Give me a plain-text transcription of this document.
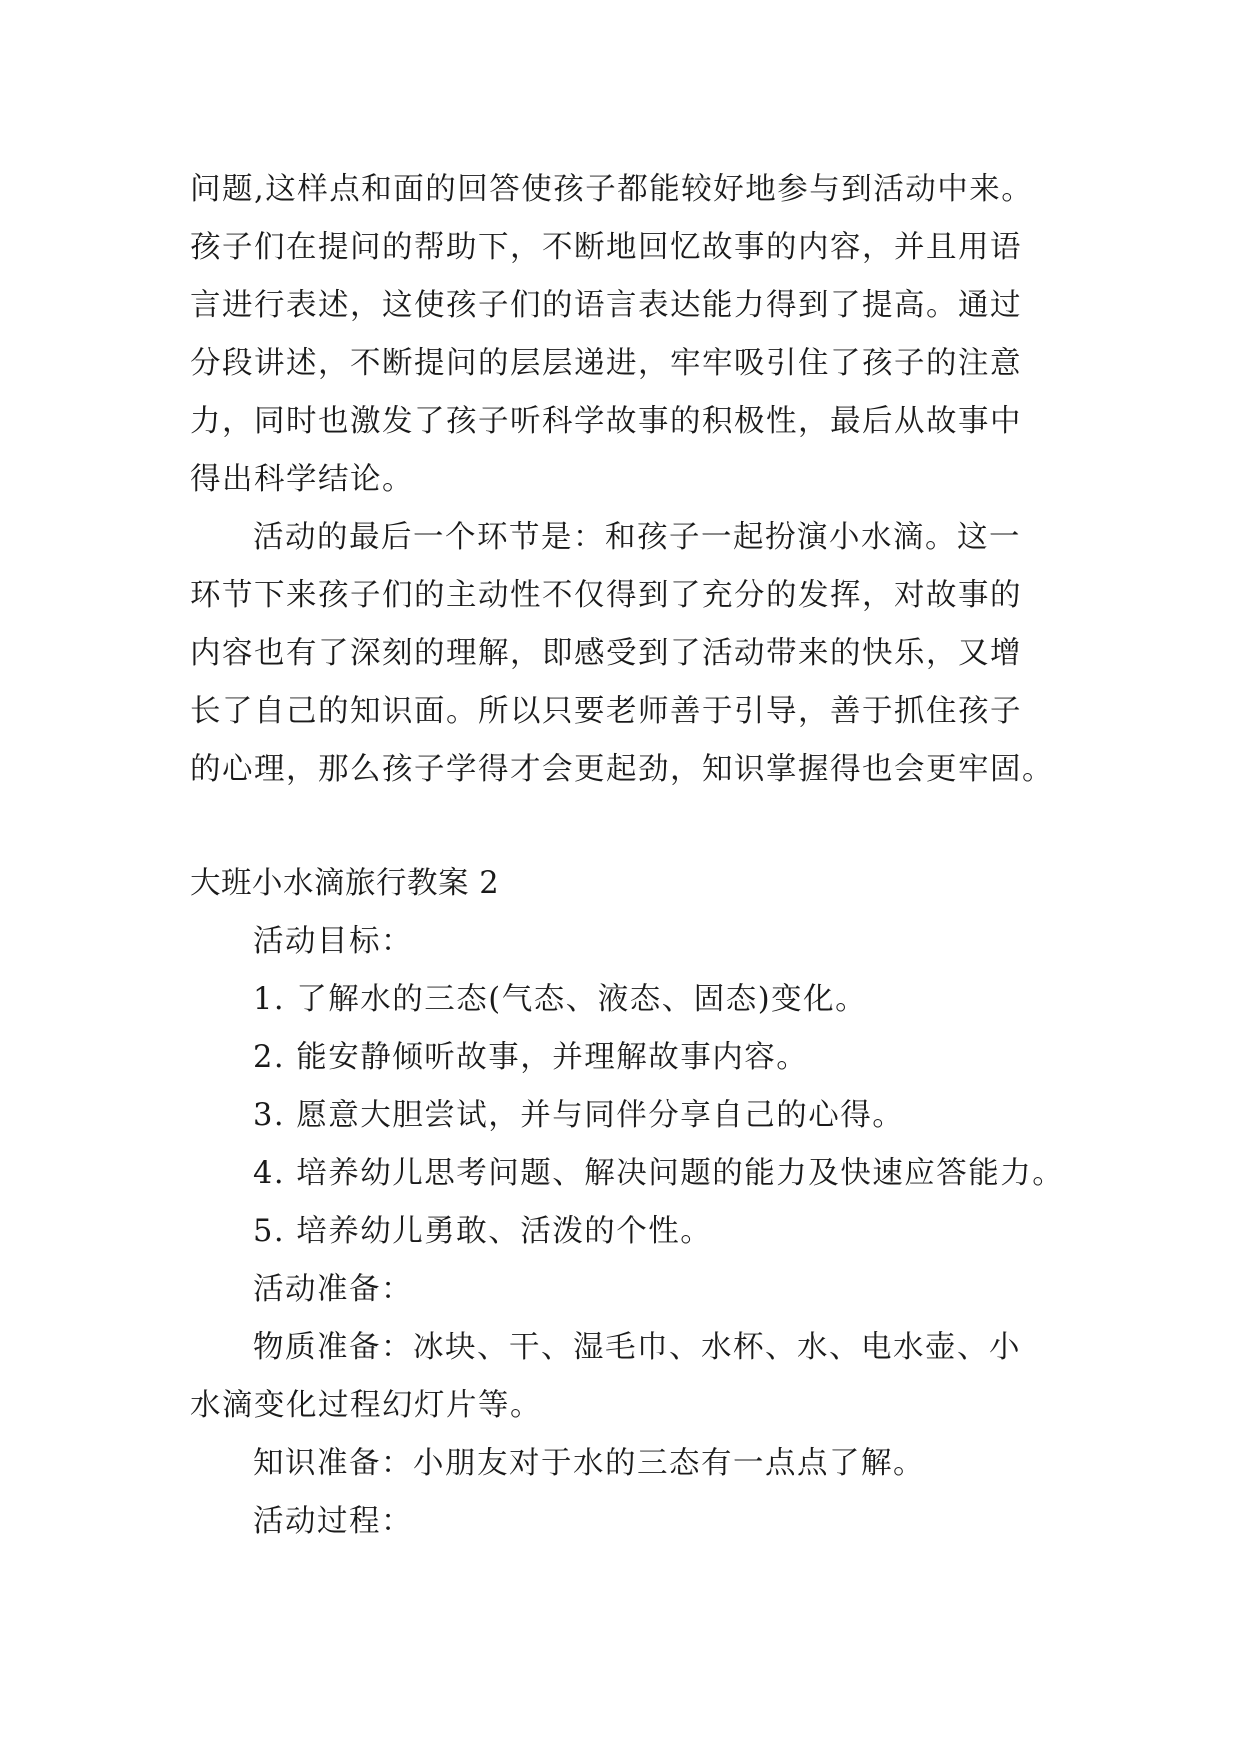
问题,这样点和面的回答使孩子都能较好地参与到活动中来。
孩子们在提问的帮助下，不断地回忆故事的内容，并且用语
言进行表述，这使孩子们的语言表达能力得到了提高。通过
分段讲述，不断提问的层层递进，牢牢吸引住了孩子的注意
力，同时也激发了孩子听科学故事的积极性，最后从故事中
得出科学结论。
活动的最后一个环节是：和孩子一起扮演小水滴。这一
环节下来孩子们的主动性不仅得到了充分的发挥，对故事的
内容也有了深刻的理解，即感受到了活动带来的快乐，又增
长了自己的知识面。所以只要老师善于引导，善于抓住孩子
的心理，那么孩子学得才会更起劲，知识掌握得也会更牢固。
大班小水滴旅行教案 2
活动目标：
1. 了解水的三态(气态、液态、固态)变化。
2. 能安静倾听故事，并理解故事内容。
3. 愿意大胆尝试，并与同伴分享自己的心得。
4. 培养幼儿思考问题、解决问题的能力及快速应答能力。
5. 培养幼儿勇敢、活泼的个性。
活动准备：
物质准备：冰块、干、湿毛巾、水杯、水、电水壶、小
水滴变化过程幻灯片等。
知识准备：小朋友对于水的三态有一点点了解。
活动过程：
